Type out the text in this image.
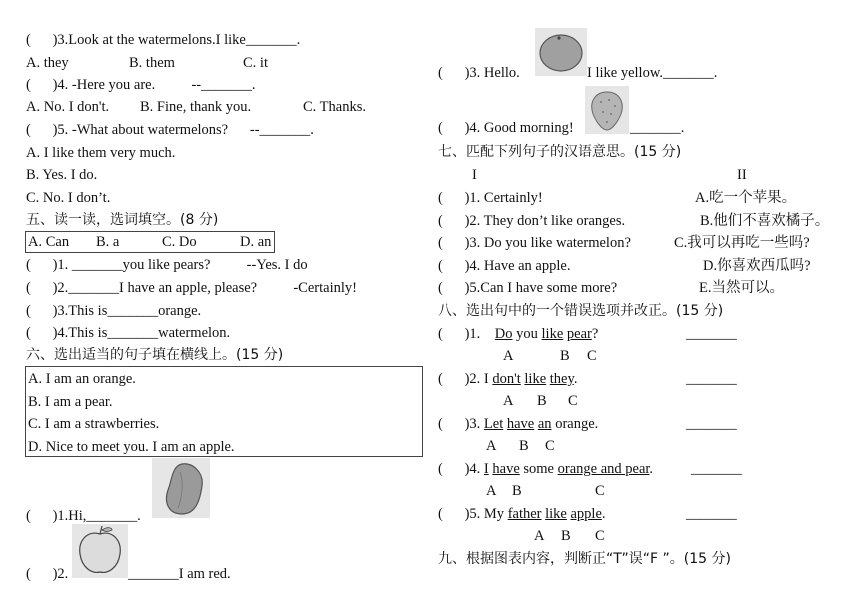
(      )3.Look at the watermelons.I like_______.
A. they	B. them	C. it
(      )4. -Here you are.          --_______.
A. No. I don't. B. Fine, thank you.	C. Thanks.
(      )5. -What about watermelons?      --_______.
A. I like them very much.
B. Yes. I do.
C. No. I don’t.
五、读一读，选词填空。(8 分)
A. Can B. a	C. Do	D. an
(      )1. _______you like pears?          --Yes. I do
(      )2._______I have an apple, please?          -Certainly!
(      )3.This is_______orange.
(      )4.This is_______watermelon.
六、选出适当的句子填在横线上。(15 分)
A. I am an orange.
B. I am a pear.
C. I am a strawberries.
D. Nice to meet you. I am an apple.
(      )1.Hi,_______.
(      )2.	_______I am red.
(      )3. Hello.	I like yellow._______.
(      )4. Good morning!	_______.
七、匹配下列句子的汉语意思。(15 分)
I	II
(      )1. Certainly!	A.吃一个苹果。
(      )2. They don’t like oranges.	B.他们不喜欢橘子。
(      )3. Do you like watermelon?	C.我可以再吃一些吗?
(      )4. Have an apple.	D.你喜欢西瓜吗?
(      )5.Can I have some more?	E.当然可以。
八、选出句中的一个错误选项并改正。(15 分)
(      )1.    Do you like pear?	_______
A	B C
(      )2. I don't like they.	_______
A B C
(      )3. Let have an orange.	_______
A B C
(      )4. I have some orange and pear.	_______
A B	C
(      )5. My father like apple.	_______
A B C
九、根据图表内容，判断正“T”误“F ”。(15 分)
